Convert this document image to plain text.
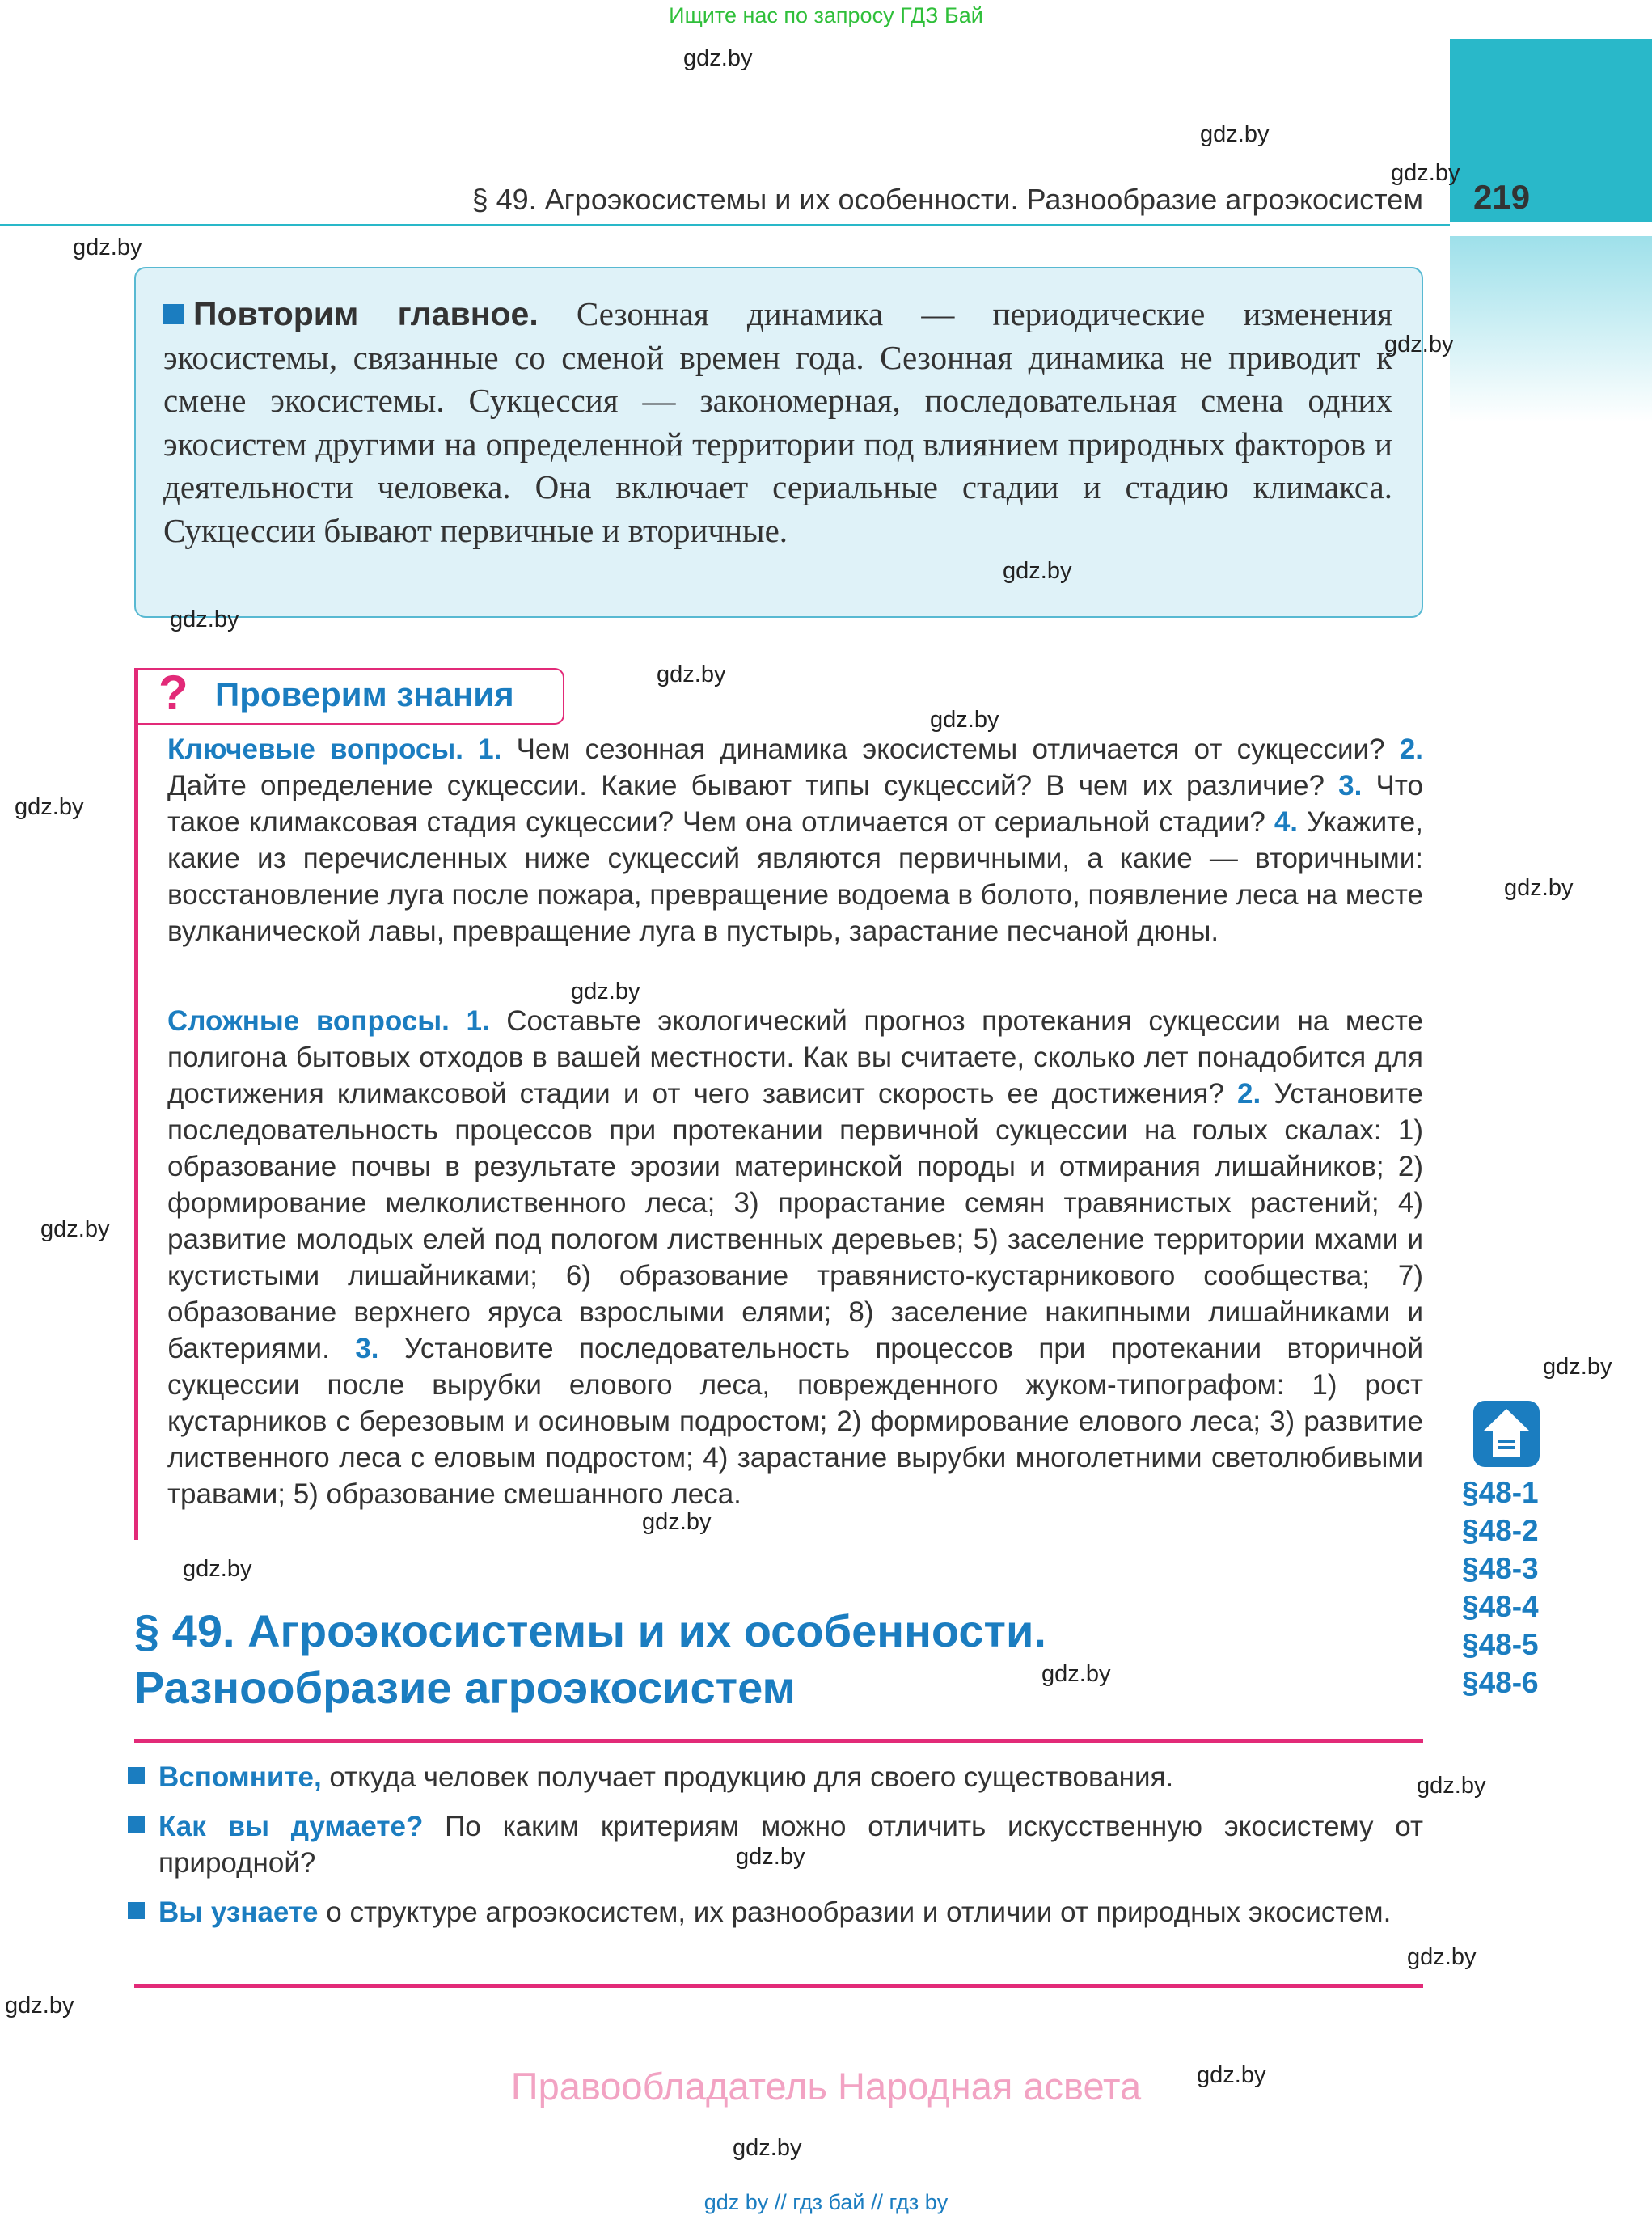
Ищите нас по запросу ГДЗ Бай
§ 49. Агроэкосистемы и их особенности. Разнообразие агроэкосистем 219
Повторим главное. Сезонная динамика — периодические изменения экосистемы, связанные со сменой времен года. Сезонная динамика не приводит к смене экосистемы. Сукцессия — закономерная, последовательная смена одних экосистем другими на определенной территории под влиянием природных факторов и деятельности человека. Она включает сериальные стадии и стадию климакса. Сукцессии бывают первичные и вторичные.
? Проверим знания
Ключевые вопросы. 1. Чем сезонная динамика экосистемы отличается от сукцессии? 2. Дайте определение сукцессии. Какие бывают типы сукцессий? В чем их различие? 3. Что такое климаксовая стадия сукцессии? Чем она отличается от сериальной стадии? 4. Укажите, какие из перечисленных ниже сукцессий являются первичными, а какие — вторичными: восстановление луга после пожара, превращение водоема в болото, появление леса на месте вулканической лавы, превращение луга в пустырь, зарастание песчаной дюны.
Сложные вопросы. 1. Составьте экологический прогноз протекания сукцессии на месте полигона бытовых отходов в вашей местности. Как вы считаете, сколько лет понадобится для достижения климаксовой стадии и от чего зависит скорость ее достижения? 2. Установите последовательность процессов при протекании первичной сукцессии на голых скалах: 1) образование почвы в результате эрозии материнской породы и отмирания лишайников; 2) формирование мелколиственного леса; 3) прорастание семян травянистых растений; 4) развитие молодых елей под пологом лиственных деревьев; 5) заселение территории мхами и кустистыми лишайниками; 6) образование травянисто-кустарникового сообщества; 7) образование верхнего яруса взрослыми елями; 8) заселение накипными лишайниками и бактериями. 3. Установите последовательность процессов при протекании вторичной сукцессии после вырубки елового леса, поврежденного жуком-типографом: 1) рост кустарников с березовым и осиновым подростом; 2) формирование елового леса; 3) развитие лиственного леса с еловым подростом; 4) зарастание вырубки многолетними светолюбивыми травами; 5) образование смешанного леса.	§48-1
§48-2
§48-3
§48-4
§48-5
§48-6
§ 49. Агроэкосистемы и их особенности.
Разнообразие агроэкосистем
Вспомните, откуда человек получает продукцию для своего существования.
Как вы думаете? По каким критериям можно отличить искусственную экосистему от природной?
Вы узнаете о структуре агроэкосистем, их разнообразии и отличии от природных экосистем.
Правообладатель Народная асвета
gdz by // гдз бай // гдз by
gdz.by
gdz.by
gdz.by
gdz.by
gdz.by
gdz.by
gdz.by
gdz.by
gdz.by
gdz.by
gdz.by
gdz.by
gdz.by
gdz.by
gdz.by
gdz.by
gdz.by
gdz.by
gdz.by
gdz.by
gdz.by
gdz.by
gdz.by
